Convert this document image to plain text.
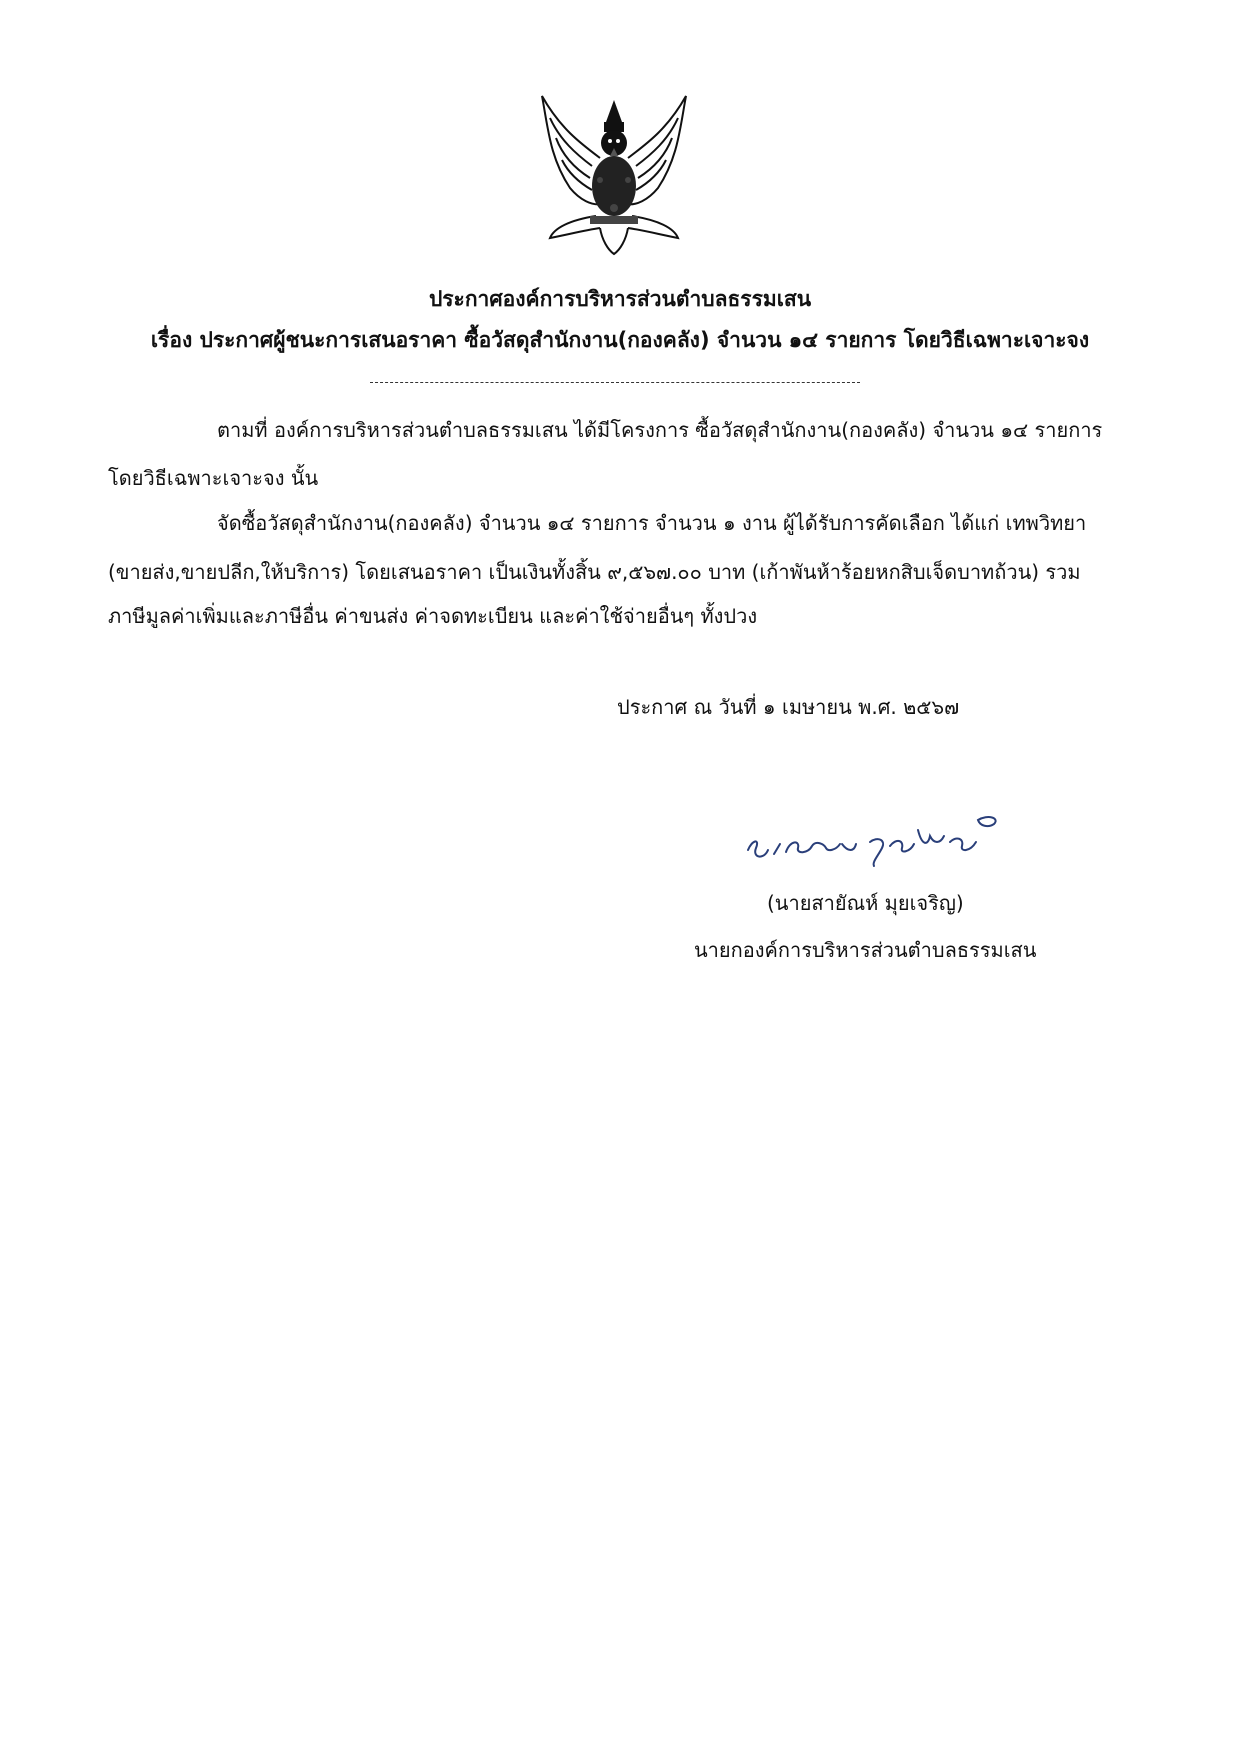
ประกาศองค์การบริหารส่วนตำบลธรรมเสน
เรื่อง ประกาศผู้ชนะการเสนอราคา ซื้อวัสดุสำนักงาน(กองคลัง) จำนวน ๑๔ รายการ โดยวิธีเฉพาะเจาะจง
ตามที่ องค์การบริหารส่วนตำบลธรรมเสน ได้มีโครงการ ซื้อวัสดุสำนักงาน(กองคลัง) จำนวน ๑๔ รายการ
โดยวิธีเฉพาะเจาะจง นั้น
จัดซื้อวัสดุสำนักงาน(กองคลัง) จำนวน ๑๔ รายการ จำนวน ๑ งาน ผู้ได้รับการคัดเลือก ได้แก่ เทพวิทยา
(ขายส่ง,ขายปลีก,ให้บริการ) โดยเสนอราคา เป็นเงินทั้งสิ้น ๙,๕๖๗.๐๐ บาท (เก้าพันห้าร้อยหกสิบเจ็ดบาทถ้วน) รวม
ภาษีมูลค่าเพิ่มและภาษีอื่น ค่าขนส่ง ค่าจดทะเบียน และค่าใช้จ่ายอื่นๆ ทั้งปวง
ประกาศ ณ วันที่ ๑ เมษายน พ.ศ. ๒๕๖๗
(นายสายัณห์ มุยเจริญ)
นายกองค์การบริหารส่วนตำบลธรรมเสน
